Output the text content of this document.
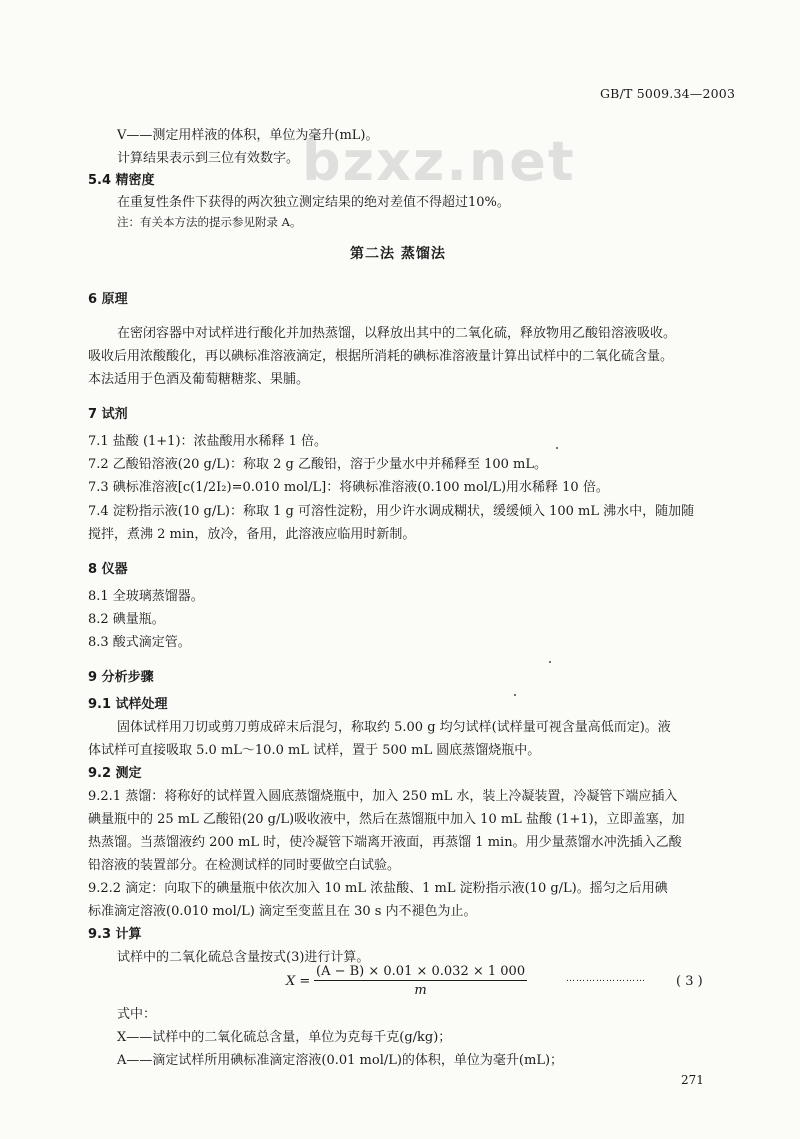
GB/T 5009.34—2003
bzxz.net
V——测定用样液的体积，单位为毫升(mL)。
计算结果表示到三位有效数字。
5.4 精密度
在重复性条件下获得的两次独立测定结果的绝对差值不得超过10%。
注：有关本方法的提示参见附录 A。
第二法 蒸馏法
6 原理
在密闭容器中对试样进行酸化并加热蒸馏，以释放出其中的二氧化硫，释放物用乙酸铅溶液吸收。
吸收后用浓酸酸化，再以碘标准溶液滴定，根据所消耗的碘标准溶液量计算出试样中的二氧化硫含量。
本法适用于色酒及葡萄糖糖浆、果脯。
7 试剂
7.1 盐酸 (1+1)：浓盐酸用水稀释 1 倍。
7.2 乙酸铅溶液(20 g/L)：称取 2 g 乙酸铅，溶于少量水中并稀释至 100 mL。
7.3 碘标准溶液[c(1/2I₂)=0.010 mol/L]：将碘标准溶液(0.100 mol/L)用水稀释 10 倍。
7.4 淀粉指示液(10 g/L)：称取 1 g 可溶性淀粉，用少许水调成糊状，缓缓倾入 100 mL 沸水中，随加随
搅拌，煮沸 2 min，放冷，备用，此溶液应临用时新制。
8 仪器
8.1 全玻璃蒸馏器。
8.2 碘量瓶。
8.3 酸式滴定管。
9 分析步骤
9.1 试样处理
固体试样用刀切或剪刀剪成碎末后混匀，称取约 5.00 g 均匀试样(试样量可视含量高低而定)。液
体试样可直接吸取 5.0 mL～10.0 mL 试样，置于 500 mL 圆底蒸馏烧瓶中。
9.2 测定
9.2.1 蒸馏：将称好的试样置入圆底蒸馏烧瓶中，加入 250 mL 水，装上冷凝装置，冷凝管下端应插入
碘量瓶中的 25 mL 乙酸铅(20 g/L)吸收液中，然后在蒸馏瓶中加入 10 mL 盐酸 (1+1)，立即盖塞，加
热蒸馏。当蒸馏液约 200 mL 时，使冷凝管下端离开液面，再蒸馏 1 min。用少量蒸馏水冲洗插入乙酸
铅溶液的装置部分。在检测试样的同时要做空白试验。
9.2.2 滴定：向取下的碘量瓶中依次加入 10 mL 浓盐酸、1 mL 淀粉指示液(10 g/L)。摇匀之后用碘
标准滴定溶液(0.010 mol/L) 滴定至变蓝且在 30 s 内不褪色为止。
9.3 计算
试样中的二氧化硫总含量按式(3)进行计算。
$X = \frac{(A - B) \times 0.01 \times 0.032 \times 1 000}{m}$	…………………… ( 3 )
式中：
X——试样中的二氧化硫总含量，单位为克每千克(g/kg)；
A——滴定试样所用碘标准滴定溶液(0.01 mol/L)的体积，单位为毫升(mL)；
271
